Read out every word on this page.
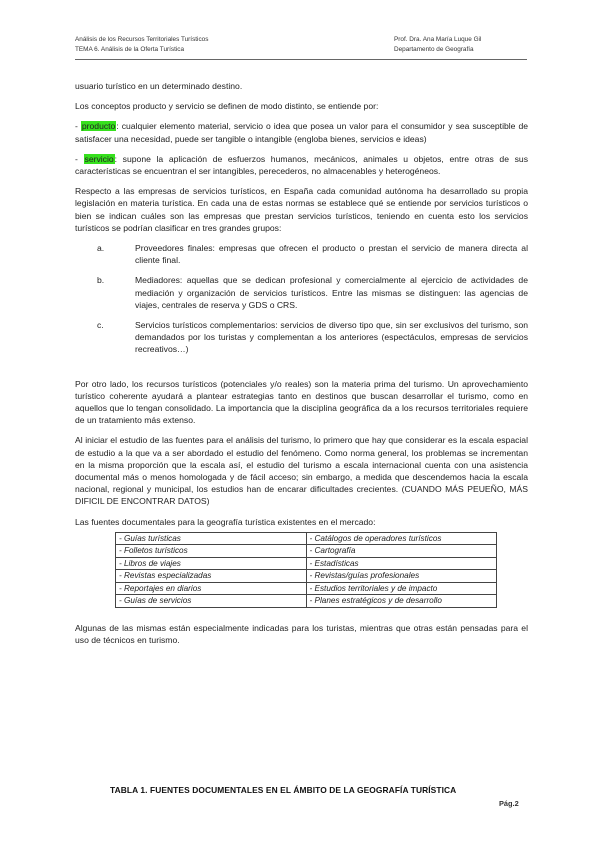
Análisis de los Recursos Territoriales Turísticos
TEMA 6. Análisis de la Oferta Turística
Prof. Dra. Ana María Luque Gil
Departamento de Geografía

usuario turístico en un determinado destino.

Los conceptos producto y servicio se definen de modo distinto, se entiende por:

- producto: cualquier elemento material, servicio o idea que posea un valor para el consumidor y sea susceptible de satisfacer una necesidad, puede ser tangible o intangible (engloba bienes, servicios e ideas)

- servicio: supone la aplicación de esfuerzos humanos, mecánicos, animales u objetos, entre otras de sus características se encuentran el ser intangibles, perecederos, no almacenables y heterogéneos.

Respecto a las empresas de servicios turísticos, en España cada comunidad autónoma ha desarrollado su propia legislación en materia turística. En cada una de estas normas se establece qué se entiende por servicios turísticos o bien se indican cuáles son las empresas que prestan servicios turísticos, teniendo en cuenta esto los servicios turísticos se podrían clasificar en tres grandes grupos:

a.	Proveedores finales: empresas que ofrecen el producto o prestan el servicio de manera directa al cliente final.
b.	Mediadores: aquellas que se dedican profesional y comercialmente al ejercicio de actividades de mediación y organización de servicios turísticos. Entre las mismas se distinguen: las agencias de viajes, centrales de reserva y GDS o CRS.
c.	Servicios turísticos complementarios: servicios de diverso tipo que, sin ser exclusivos del turismo, son demandados por los turistas y complementan a los anteriores (espectáculos, empresas de servicios recreativos…)

Por otro lado, los recursos turísticos (potenciales y/o reales) son la materia prima del turismo. Un aprovechamiento turístico coherente ayudará a plantear estrategias tanto en destinos que buscan desarrollar el turismo, como en aquellos que lo tengan consolidado. La importancia que la disciplina geográfica da a los recursos territoriales requiere de un tratamiento más extenso.

Al iniciar el estudio de las fuentes para el análisis del turismo, lo primero que hay que considerar es la escala espacial de estudio a la que va a ser abordado el estudio del fenómeno. Como norma general, los problemas se incrementan en la misma proporción que la escala así, el estudio del turismo a escala internacional cuenta con una asistencia documental más o menos homologada y de fácil acceso; sin embargo, a medida que descendemos hacia la escala nacional, regional y municipal, los estudios han de encarar dificultades crecientes. (CUANDO MÁS PEUEÑO, MÁS DIFICIL DE ENCONTRAR DATOS)

Las fuentes documentales para la geografía turística existentes en el mercado:

- Guías turísticas	- Catálogos de operadores turísticos
- Folletos turísticos	- Cartografía
- Libros de viajes	- Estadísticas
- Revistas especializadas	- Revistas/guías profesionales
- Reportajes en diarios	- Estudios territoriales y de impacto
- Guías de servicios	- Planes estratégicos y de desarrollo

Algunas de las mismas están especialmente indicadas para los turistas, mientras que otras están pensadas para el uso de técnicos en turismo.

TABLA 1. FUENTES DOCUMENTALES EN EL ÁMBITO DE LA GEOGRAFÍA TURÍSTICA
Pág.2
